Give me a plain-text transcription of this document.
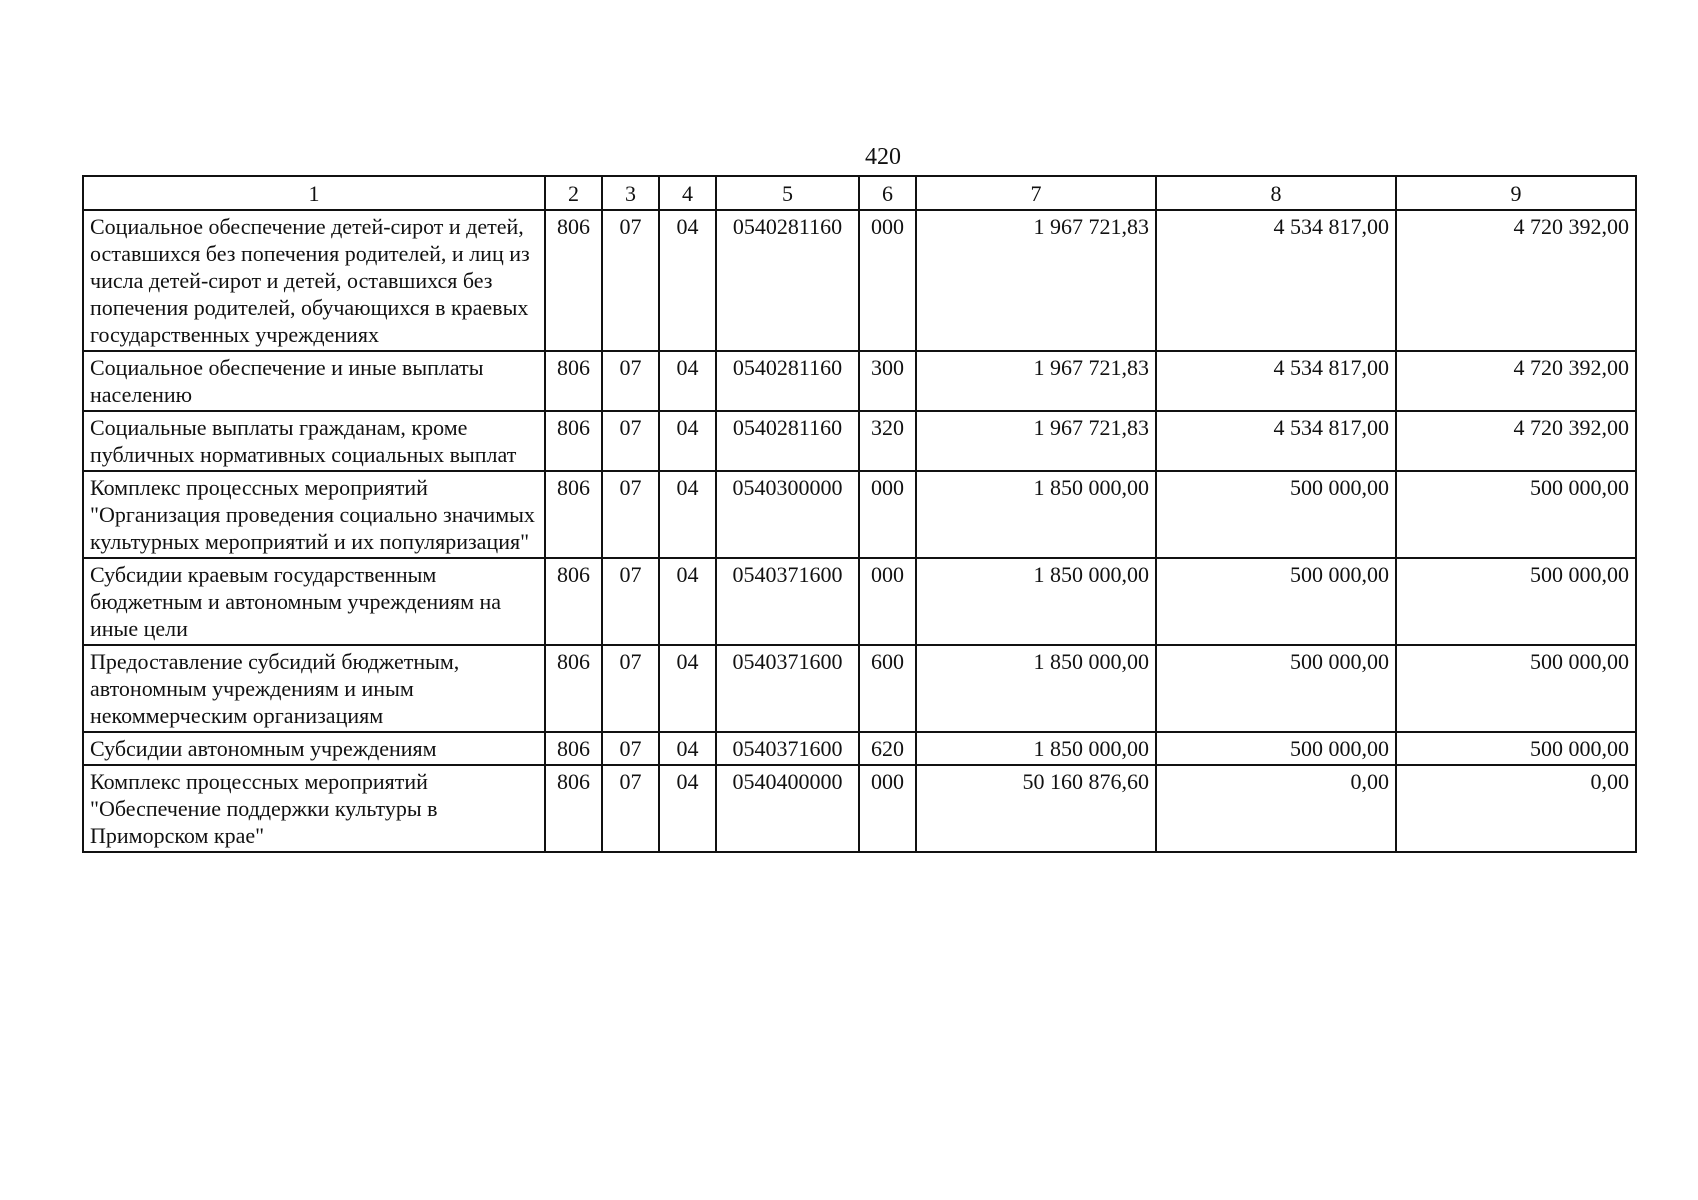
420
1	2	3	4	5	6	7	8	9
Социальное обеспечение детей-сирот и детей, оставшихся без попечения родителей, и лиц из числа детей-сирот и детей, оставшихся без попечения родителей, обучающихся в краевых государственных учреждениях	806	07	04	0540281160	000	1 967 721,83	4 534 817,00	4 720 392,00
Социальное обеспечение и иные выплаты населению	806	07	04	0540281160	300	1 967 721,83	4 534 817,00	4 720 392,00
Социальные выплаты гражданам, кроме публичных нормативных социальных выплат	806	07	04	0540281160	320	1 967 721,83	4 534 817,00	4 720 392,00
Комплекс процессных мероприятий "Организация проведения социально значимых культурных мероприятий и их популяризация"	806	07	04	0540300000	000	1 850 000,00	500 000,00	500 000,00
Субсидии краевым государственным бюджетным и автономным учреждениям на иные цели	806	07	04	0540371600	000	1 850 000,00	500 000,00	500 000,00
Предоставление субсидий бюджетным, автономным учреждениям и иным некоммерческим организациям	806	07	04	0540371600	600	1 850 000,00	500 000,00	500 000,00
Субсидии автономным учреждениям	806	07	04	0540371600	620	1 850 000,00	500 000,00	500 000,00
Комплекс процессных мероприятий "Обеспечение поддержки культуры в Приморском крае"	806	07	04	0540400000	000	50 160 876,60	0,00	0,00
